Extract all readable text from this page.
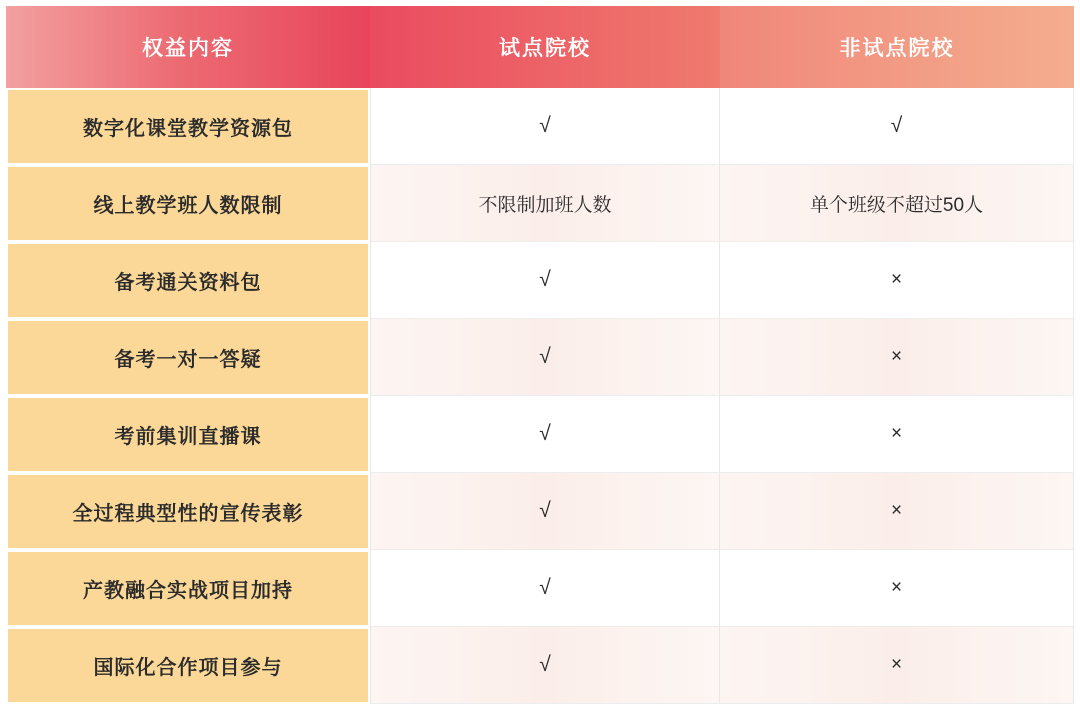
权益内容	试点院校	非试点院校
数字化课堂教学资源包	√	√
线上教学班人数限制	不限制加班人数	单个班级不超过50人
备考通关资料包	√	×
备考一对一答疑	√	×
考前集训直播课	√	×
全过程典型性的宣传表彰	√	×
产教融合实战项目加持	√	×
国际化合作项目参与	√	×
